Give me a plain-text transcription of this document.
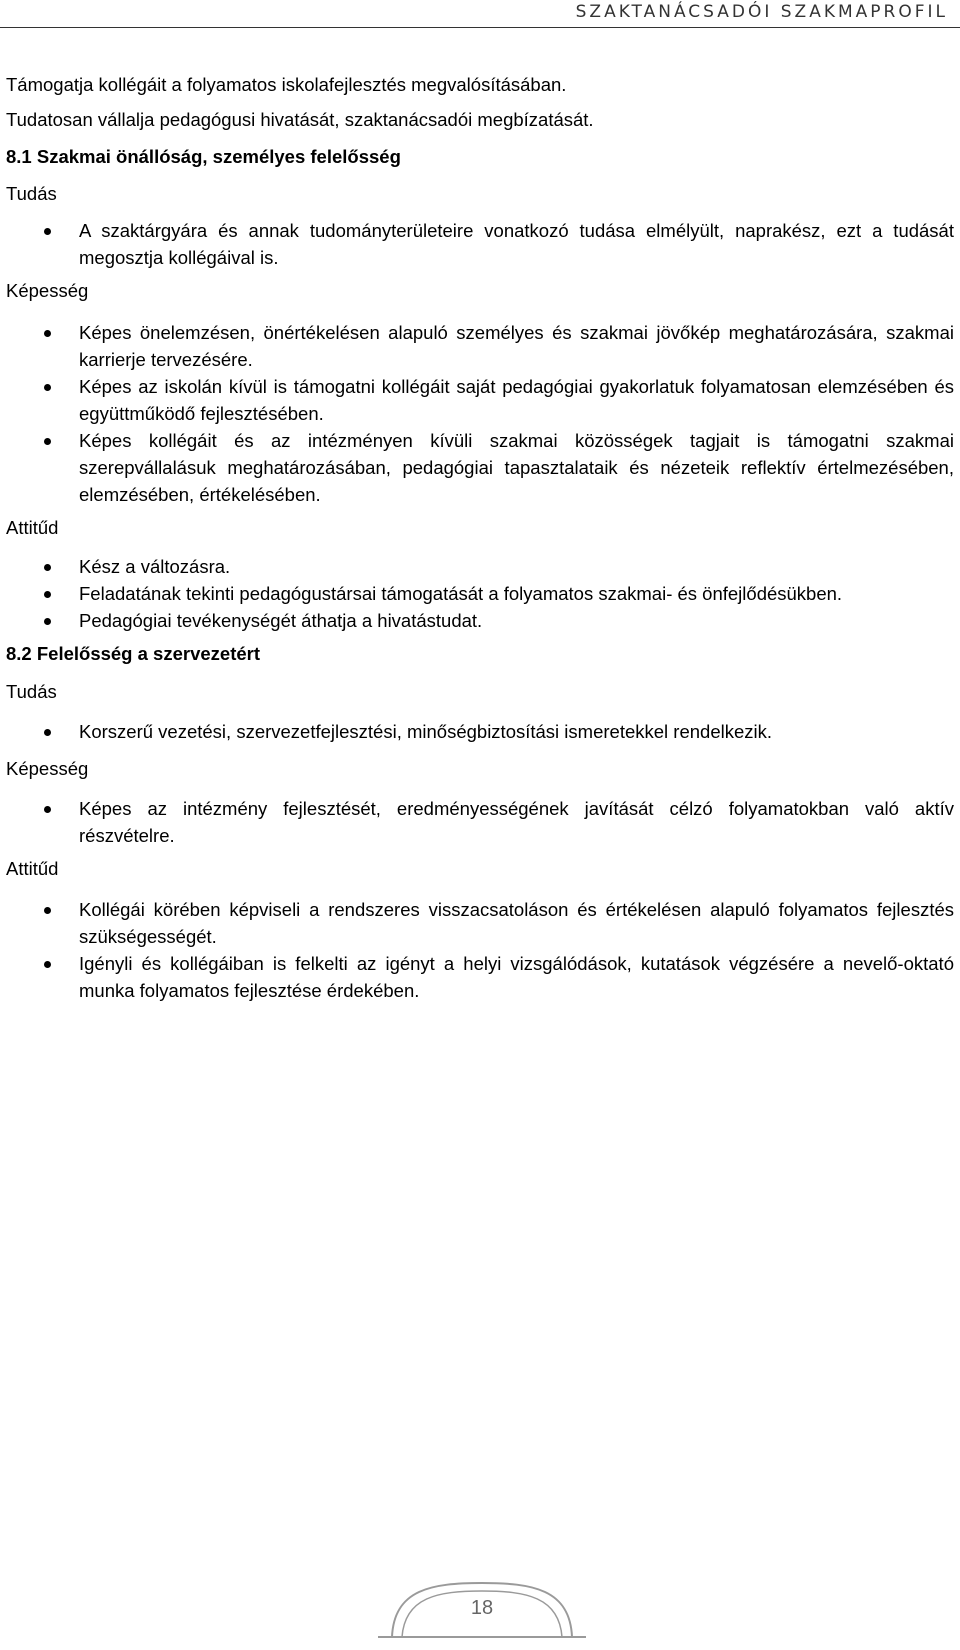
SZAKTANÁCSADÓI SZAKMAPROFIL

Támogatja kollégáit a folyamatos iskolafejlesztés megvalósításában.

Tudatosan vállalja pedagógusi hivatását, szaktanácsadói megbízatását.

8.1 Szakmai önállóság, személyes felelősség

Tudás

A szaktárgyára és annak tudományterületeire vonatkozó tudása elmélyült, naprakész, ezt a tudását megosztja kollégáival is.

Képesség

Képes önelemzésen, önértékelésen alapuló személyes és szakmai jövőkép meghatározására, szakmai karrierje tervezésére.
Képes az iskolán kívül is támogatni kollégáit saját pedagógiai gyakorlatuk folyamatosan elemzésében és együttműködő fejlesztésében.
Képes kollégáit és az intézményen kívüli szakmai közösségek tagjait is támogatni szakmai szerepvállalásuk meghatározásában, pedagógiai tapasztalataik és nézeteik reflektív értelmezésében, elemzésében, értékelésében.

Attitűd

Kész a változásra.
Feladatának tekinti pedagógustársai támogatását a folyamatos szakmai- és önfejlődésükben.
Pedagógiai tevékenységét áthatja a hivatástudat.

8.2 Felelősség a szervezetért

Tudás

Korszerű vezetési, szervezetfejlesztési, minőségbiztosítási ismeretekkel rendelkezik.

Képesség

Képes az intézmény fejlesztését, eredményességének javítását célzó folyamatokban való aktív részvételre.

Attitűd

Kollégái körében képviseli a rendszeres visszacsatoláson és értékelésen alapuló folyamatos fejlesztés szükségességét.
Igényli és kollégáiban is felkelti az igényt a helyi vizsgálódások, kutatások végzésére a nevelő-oktató munka folyamatos fejlesztése érdekében.
18
